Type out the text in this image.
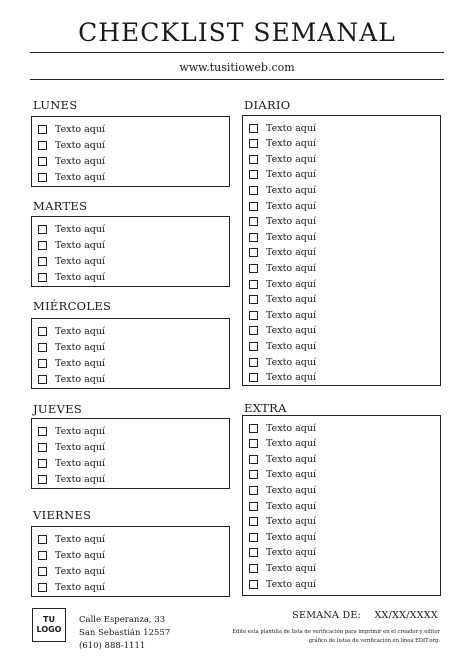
CHECKLIST SEMANAL
www.tusitioweb.com
LUNES
Texto aquí
Texto aquí
Texto aquí
Texto aquí
MARTES
Texto aquí
Texto aquí
Texto aquí
Texto aquí
MIÉRCOLES
Texto aquí
Texto aquí
Texto aquí
Texto aquí
JUEVES
Texto aquí
Texto aquí
Texto aquí
Texto aquí
VIERNES
Texto aquí
Texto aquí
Texto aquí
Texto aquí
DIARIO
Texto aquí
Texto aquí
Texto aquí
Texto aquí
Texto aquí
Texto aquí
Texto aquí
Texto aquí
Texto aquí
Texto aquí
Texto aquí
Texto aquí
Texto aquí
Texto aquí
Texto aquí
Texto aquí
Texto aquí
EXTRA
Texto aquí
Texto aquí
Texto aquí
Texto aquí
Texto aquí
Texto aquí
Texto aquí
Texto aquí
Texto aquí
Texto aquí
Texto aquí
TU
LOGO
Calle Esperanza, 33
San Sebastián 12557
(610) 888-1111
SEMANA DE: XX/XX/XXXX
Edite esta plantilla de lista de verificación para imprimir en el creador y editor
gráfico de listas de verificación en línea EDIT.org.
